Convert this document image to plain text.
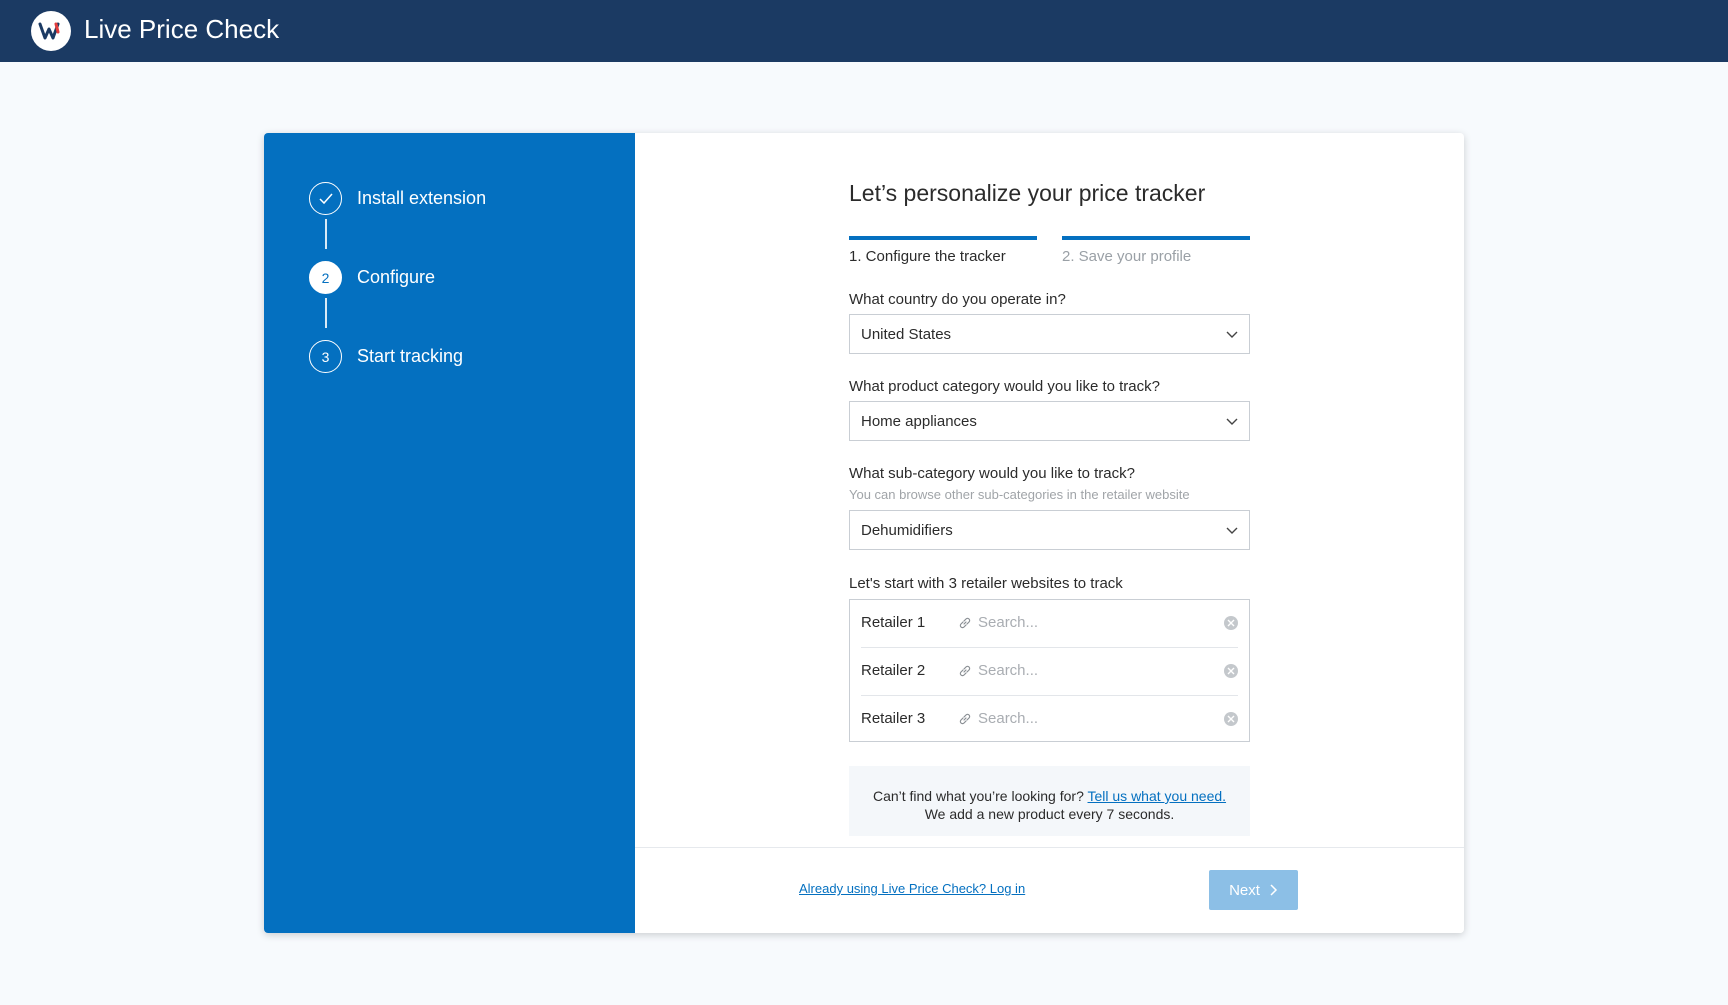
Live Price Check
Install extension
2	Configure
3	Start tracking
Let’s personalize your price tracker
1. Configure the tracker	2. Save your profile
What country do you operate in?
United States
What product category would you like to track?
Home appliances
What sub-category would you like to track?
You can browse other sub-categories in the retailer website
Dehumidifiers
Let's start with 3 retailer websites to track
Retailer 1
Search...
Retailer 2
Search...
Retailer 3
Search...
Can’t find what you’re looking for? Tell us what you need.
We add a new product every 7 seconds.
Already using Live Price Check? Log in	Next
